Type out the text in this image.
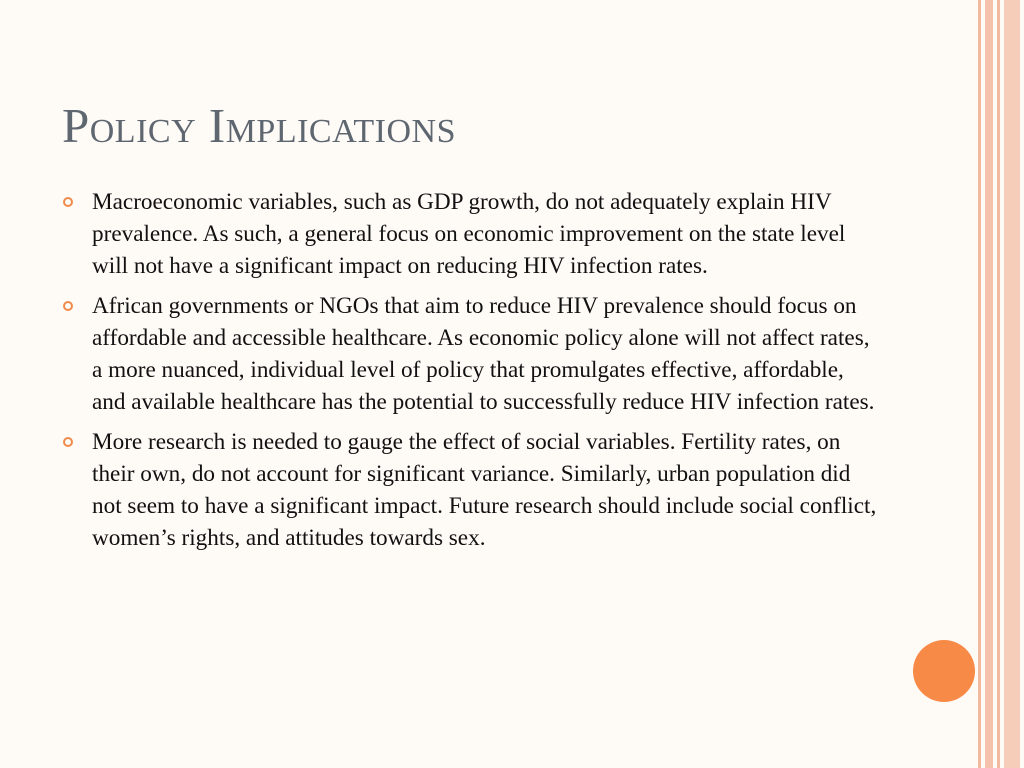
Policy Implications
Macroeconomic variables, such as GDP growth, do not adequately explain HIV prevalence. As such, a general focus on economic improvement on the state level will not have a significant impact on reducing HIV infection rates.
African governments or NGOs that aim to reduce HIV prevalence should focus on affordable and accessible healthcare. As economic policy alone will not affect rates, a more nuanced, individual level of policy that promulgates effective, affordable, and available healthcare has the potential to successfully reduce HIV infection rates.
More research is needed to gauge the effect of social variables. Fertility rates, on their own, do not account for significant variance. Similarly, urban population did not seem to have a significant impact. Future research should include social conflict, women’s rights, and attitudes towards sex.
